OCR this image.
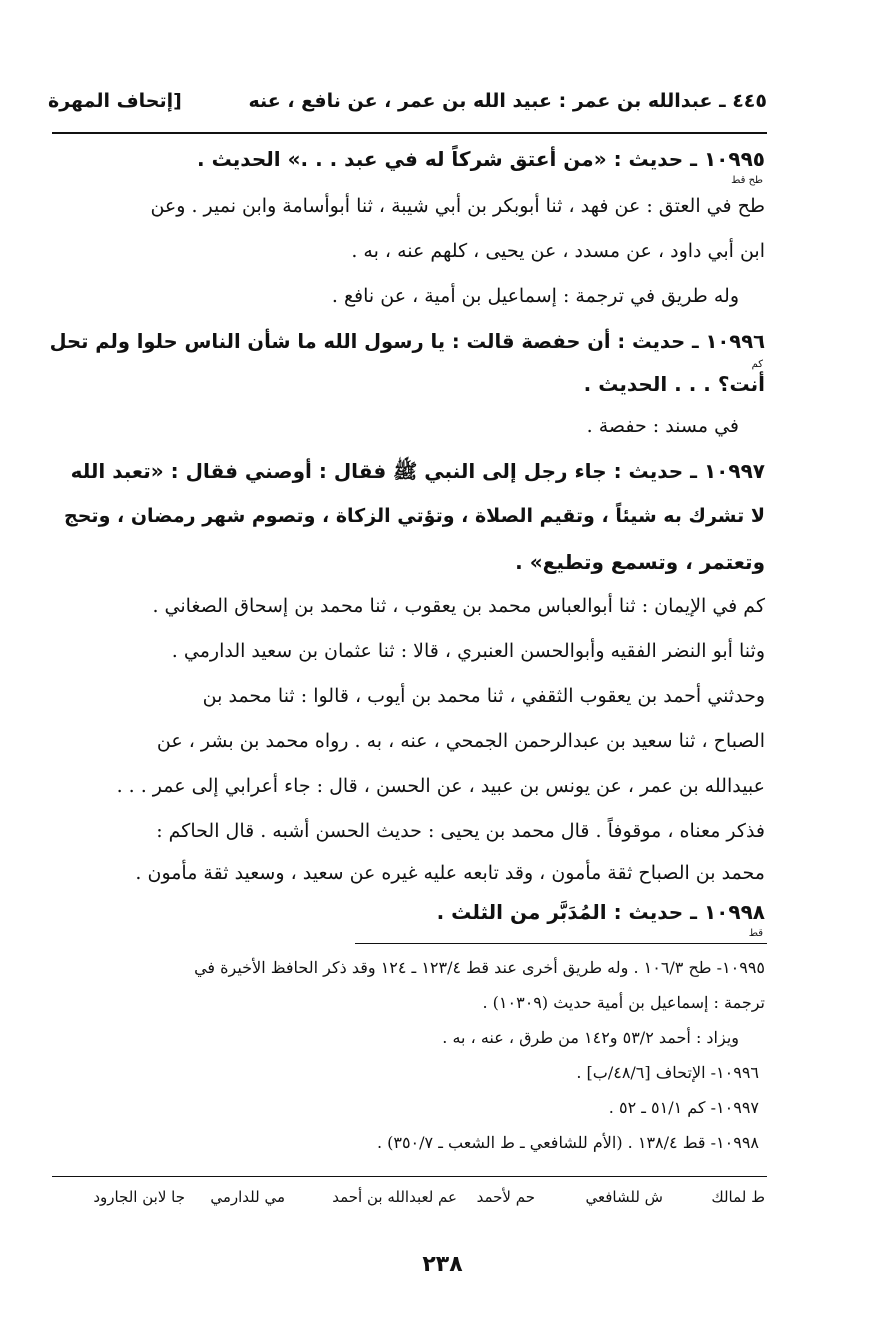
٤٤٥ ـ عبدالله بن عمر : عبيد الله بن عمر ، عن نافع ، عنه
[إتحاف المهرة
١٠٩٩٥ ـ حديث : «من أعتق شركاً له في عبد . . .» الحديث .
طح قط
طح في العتق : عن فهد ، ثنا أبوبكر بن أبي شيبة ، ثنا أبوأسامة وابن نمير . وعن
ابن أبي داود ، عن مسدد ، عن يحيى ، كلهم عنه ، به .
وله طريق في ترجمة : إسماعيل بن أمية ، عن نافع .
١٠٩٩٦ ـ حديث : أن حفصة قالت : يا رسول الله ما شأن الناس حلوا ولم تحل
كم
أنت؟ . . . الحديث .
في مسند : حفصة .
١٠٩٩٧ ـ حديث : جاء رجل إلى النبي ﷺ فقال : أوصني فقال : «تعبد الله
لا تشرك به شيئاً ، وتقيم الصلاة ، وتؤتي الزكاة ، وتصوم شهر رمضان ، وتحج
وتعتمر ، وتسمع وتطيع» .
كم في الإيمان : ثنا أبوالعباس محمد بن يعقوب ، ثنا محمد بن إسحاق الصغاني .
وثنا أبو النضر الفقيه وأبوالحسن العنبري ، قالا : ثنا عثمان بن سعيد الدارمي .
وحدثني أحمد بن يعقوب الثقفي ، ثنا محمد بن أيوب ، قالوا : ثنا محمد بن
الصباح ، ثنا سعيد بن عبدالرحمن الجمحي ، عنه ، به . رواه محمد بن بشر ، عن
عبيدالله بن عمر ، عن يونس بن عبيد ، عن الحسن ، قال : جاء أعرابي إلى عمر . . .
فذكر معناه ، موقوفاً . قال محمد بن يحيى : حديث الحسن أشبه . قال الحاكم :
محمد بن الصباح ثقة مأمون ، وقد تابعه عليه غيره عن سعيد ، وسعيد ثقة مأمون .
١٠٩٩٨ ـ حديث : المُدَبَّر من الثلث .
قط
١٠٩٩٥- طح ١٠٦/٣ . وله طريق أخرى عند قط ١٢٣/٤ ـ ١٢٤ وقد ذكر الحافظ الأخيرة في
ترجمة : إسماعيل بن أمية حديث (١٠٣٠٩) .
ويزاد : أحمد ٥٣/٢ و١٤٢ من طرق ، عنه ، به .
١٠٩٩٦- الإتحاف [٤٨/٦/ب] .
١٠٩٩٧- كم ٥١/١ ـ ٥٢ .
١٠٩٩٨- قط ١٣٨/٤ . (الأم للشافعي ـ ط الشعب ـ ٣٥٠/٧) .
ط لمالك
ش للشافعي
حم لأحمد
عم لعبدالله بن أحمد
مي للدارمي
جا لابن الجارود
٢٣٨
